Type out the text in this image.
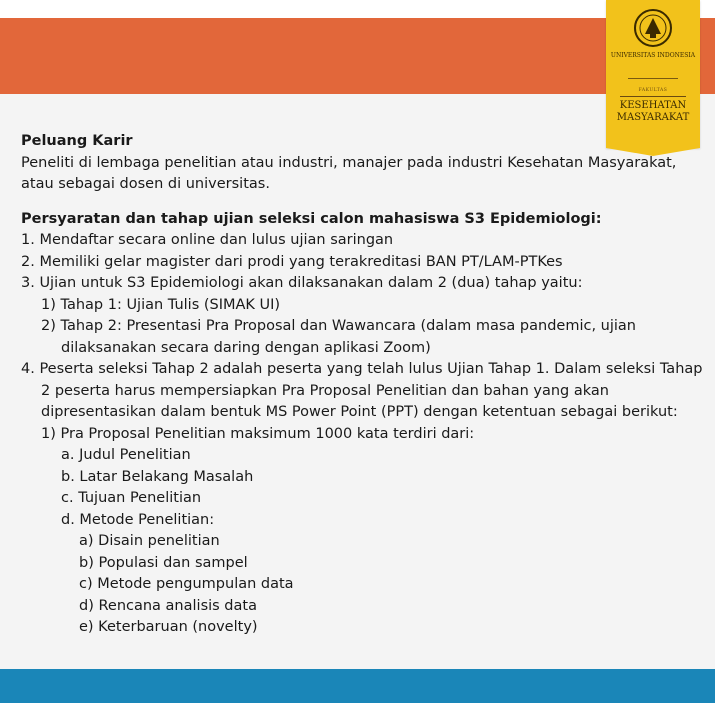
UNIVERSITAS INDONESIA
FAKULTAS
KESEHATAN MASYARAKAT

Peluang Karir

Peneliti di lembaga penelitian atau industri, manajer pada industri Kesehatan Masyarakat, atau sebagai dosen di universitas.

Persyaratan dan tahap ujian seleksi calon mahasiswa S3 Epidemiologi:

1. Mendaftar secara online dan lulus ujian saringan

2. Memiliki gelar magister dari prodi yang terakreditasi BAN PT/LAM-PTKes

3. Ujian untuk S3 Epidemiologi akan dilaksanakan dalam 2 (dua) tahap yaitu:

1) Tahap 1: Ujian Tulis (SIMAK UI)

2) Tahap 2: Presentasi Pra Proposal dan Wawancara (dalam masa pandemic, ujian dilaksanakan secara daring dengan aplikasi Zoom)

4. Peserta seleksi Tahap 2 adalah peserta yang telah lulus Ujian Tahap 1. Dalam seleksi Tahap 2 peserta harus mempersiapkan Pra Proposal Penelitian dan bahan yang akan dipresentasikan dalam bentuk MS Power Point (PPT) dengan ketentuan sebagai berikut:

1) Pra Proposal Penelitian maksimum 1000 kata terdiri dari:

a. Judul Penelitian

b. Latar Belakang Masalah

c. Tujuan Penelitian

d. Metode Penelitian:

a) Disain penelitian

b) Populasi dan sampel

c) Metode pengumpulan data

d) Rencana analisis data

e) Keterbaruan (novelty)
